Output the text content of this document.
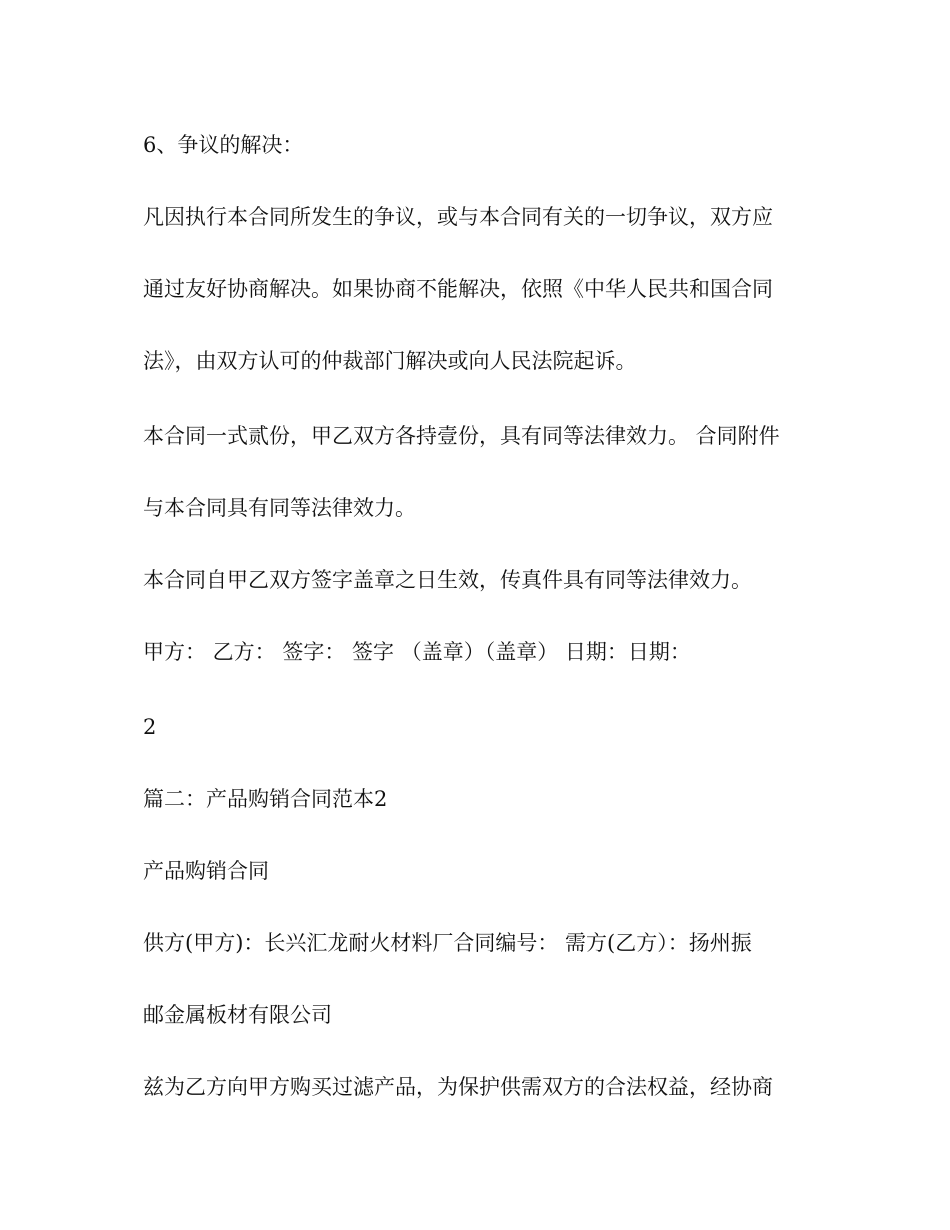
6、争议的解决：
凡因执行本合同所发生的争议，或与本合同有关的一切争议，双方应
通过友好协商解决。如果协商不能解决，依照《中华人民共和国合同
法》，由双方认可的仲裁部门解决或向人民法院起诉。
本合同一式贰份，甲乙双方各持壹份，具有同等法律效力。 合同附件
与本合同具有同等法律效力。
本合同自甲乙双方签字盖章之日生效，传真件具有同等法律效力。
甲方： 乙方： 签字： 签字 （盖章）（盖章） 日期：日期：
2
篇二：产品购销合同范本2
产品购销合同
供方(甲方)：长兴汇龙耐火材料厂合同编号： 需方(乙方）：扬州振
邮金属板材有限公司
兹为乙方向甲方购买过滤产品，为保护供需双方的合法权益，经协商
